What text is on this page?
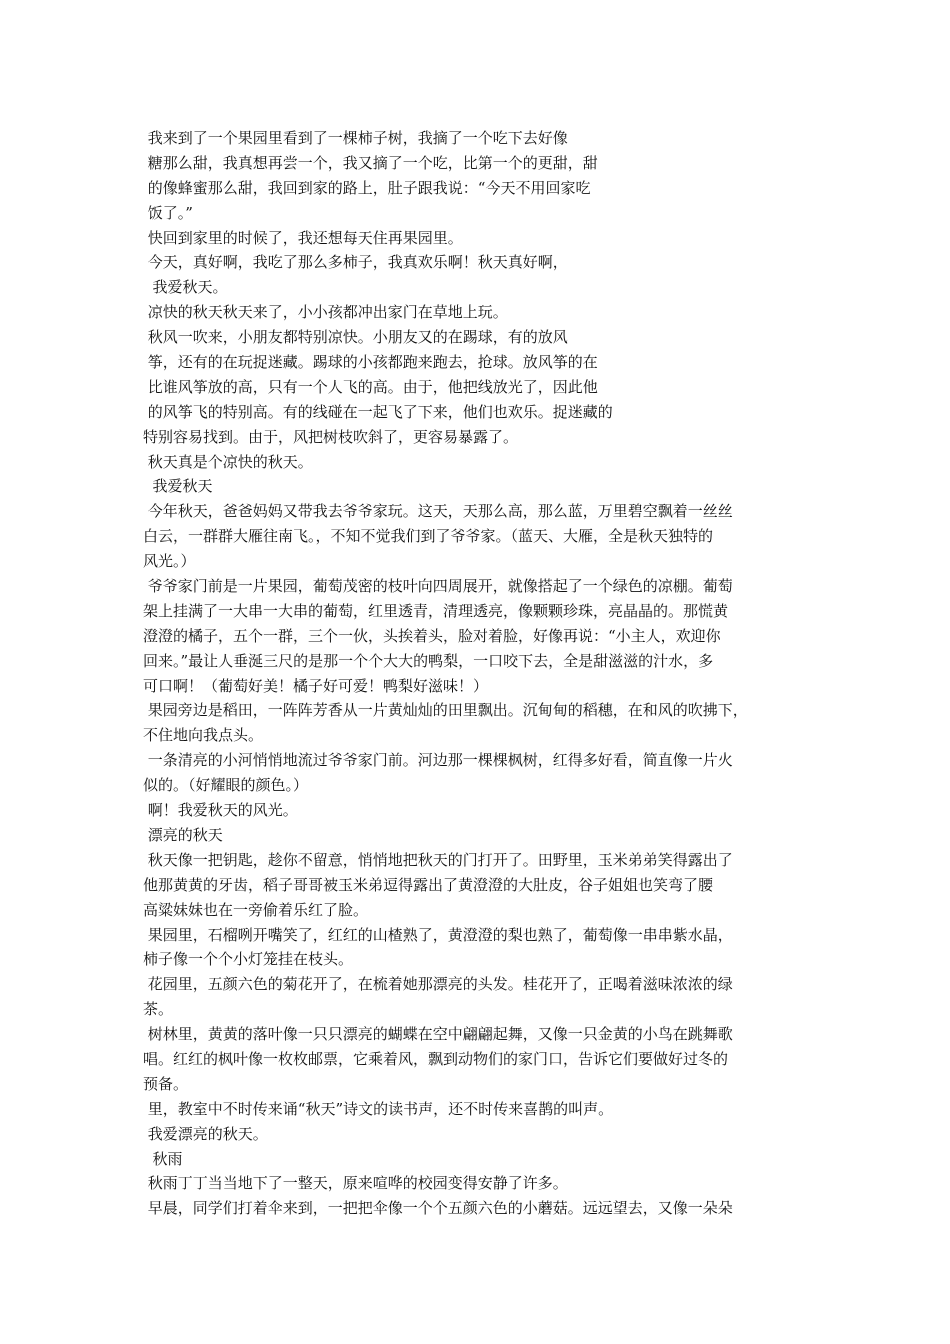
我来到了一个果园里看到了一棵柿子树，我摘了一个吃下去好像
糖那么甜，我真想再尝一个，我又摘了一个吃，比第一个的更甜，甜
的像蜂蜜那么甜，我回到家的路上，肚子跟我说：“今天不用回家吃
饭了。”
快回到家里的时候了，我还想每天住再果园里。
今天，真好啊，我吃了那么多柿子，我真欢乐啊！秋天真好啊，
我爱秋天。
凉快的秋天秋天来了，小小孩都冲出家门在草地上玩。
秋风一吹来，小朋友都特别凉快。小朋友又的在踢球，有的放风
筝，还有的在玩捉迷藏。踢球的小孩都跑来跑去，抢球。放风筝的在
比谁风筝放的高，只有一个人飞的高。由于，他把线放光了，因此他
的风筝飞的特别高。有的线碰在一起飞了下来，他们也欢乐。捉迷藏的
特别容易找到。由于，风把树枝吹斜了，更容易暴露了。
秋天真是个凉快的秋天。
我爱秋天
今年秋天，爸爸妈妈又带我去爷爷家玩。这天，天那么高，那么蓝，万里碧空飘着一丝丝
白云，一群群大雁往南飞。，不知不觉我们到了爷爷家。（蓝天、大雁，全是秋天独特的
风光。）
爷爷家门前是一片果园，葡萄茂密的枝叶向四周展开，就像搭起了一个绿色的凉棚。葡萄
架上挂满了一大串一大串的葡萄，红里透青，清理透亮，像颗颗珍珠，亮晶晶的。那慌黄
澄澄的橘子，五个一群，三个一伙，头挨着头，脸对着脸，好像再说：“小主人，欢迎你
回来。”最让人垂涎三尺的是那一个个大大的鸭梨，一口咬下去，全是甜滋滋的汁水，多
可口啊！（葡萄好美！橘子好可爱！鸭梨好滋味！）
果园旁边是稻田，一阵阵芳香从一片黄灿灿的田里飘出。沉甸甸的稻穗，在和风的吹拂下，
不住地向我点头。
一条清亮的小河悄悄地流过爷爷家门前。河边那一棵棵枫树，红得多好看，简直像一片火
似的。（好耀眼的颜色。）
啊！我爱秋天的风光。
漂亮的秋天
秋天像一把钥匙，趁你不留意，悄悄地把秋天的门打开了。田野里，玉米弟弟笑得露出了
他那黄黄的牙齿，稻子哥哥被玉米弟逗得露出了黄澄澄的大肚皮，谷子姐姐也笑弯了腰
高粱妹妹也在一旁偷着乐红了脸。
果园里，石榴咧开嘴笑了，红红的山楂熟了，黄澄澄的梨也熟了，葡萄像一串串紫水晶，
柿子像一个个小灯笼挂在枝头。
花园里，五颜六色的菊花开了，在梳着她那漂亮的头发。桂花开了，正喝着滋味浓浓的绿
茶。
树林里，黄黄的落叶像一只只漂亮的蝴蝶在空中翩翩起舞，又像一只金黄的小鸟在跳舞歌
唱。红红的枫叶像一枚枚邮票，它乘着风，飘到动物们的家门口，告诉它们要做好过冬的
预备。
里，教室中不时传来诵“秋天”诗文的读书声，还不时传来喜鹊的叫声。
我爱漂亮的秋天。
秋雨
秋雨丁丁当当地下了一整天，原来喧哗的校园变得安静了许多。
早晨，同学们打着伞来到，一把把伞像一个个五颜六色的小蘑菇。远远望去，又像一朵朵
